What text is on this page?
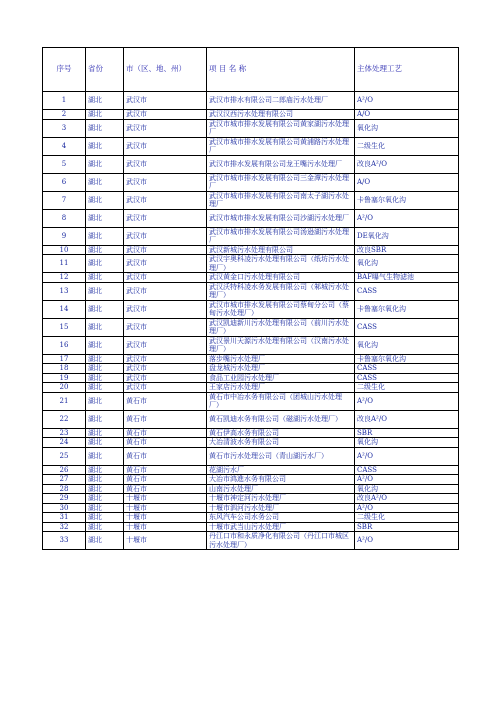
序号	省份	市（区、地、州）	项 目 名 称	主体处理工艺
1	湖北	武汉市	武汉市排水有限公司二郎庙污水处理厂	A²/O
2	湖北	武汉市	武汉汉西污水处理有限公司	A/O
3	湖北	武汉市	武汉市城市排水发展有限公司黄家湖污水处理厂	氧化沟
4	湖北	武汉市	武汉市城市排水发展有限公司黄浦路污水处理厂	二级生化
5	湖北	武汉市	武汉市排水发展有限公司龙王嘴污水处理厂	改良A²/O
6	湖北	武汉市	武汉市城市排水发展有限公司三金潭污水处理厂	A/O
7	湖北	武汉市	武汉市城市排水发展有限公司南太子湖污水处理厂	卡鲁塞尔氧化沟
8	湖北	武汉市	武汉市城市排水发展有限公司沙湖污水处理厂	A²/O
9	湖北	武汉市	武汉市城市排水发展有限公司汤逊湖污水处理厂	DE氧化沟
10	湖北	武汉市	武汉新城污水处理有限公司	改良SBR
11	湖北	武汉市	武汉宇奥科凌污水处理有限公司（纸坊污水处理厂）	氧化沟
12	湖北	武汉市	武汉黄金口污水处理有限公司	BAF曝气生物滤池
13	湖北	武汉市	武汉沃特科凌水务发展有限公司（邾城污水处理厂）	CASS
14	湖北	武汉市	武汉市城市排水发展有限公司蔡甸分公司（蔡甸污水处理厂）	卡鲁塞尔氧化沟
15	湖北	武汉市	武汉凯迪新川污水处理有限公司（前川污水处理厂）	CASS
16	湖北	武汉市	武汉景川天源污水处理有限公司（汉南污水处理厂）	氧化沟
17	湖北	武汉市	落步嘴污水处理厂	卡鲁塞尔氧化沟
18	湖北	武汉市	盘龙城污水处理厂	CASS
19	湖北	武汉市	食品工业园污水处理厂	CASS
20	湖北	武汉市	王家店污水处理厂	二级生化
21	湖北	黄石市	黄石市中冶水务有限公司（团城山污水处理厂）	A²/O
22	湖北	黄石市	黄石凯迪水务有限公司（磁湖污水处理厂）	改良A²/O
23	湖北	黄石市	黄石伊高水务有限公司	SBR
24	湖北	黄石市	大冶清波水务有限公司	氧化沟
25	湖北	黄石市	黄石市污水处理公司（青山湖污水厂）	A²/O
26	湖北	黄石市	花湖污水厂	CASS
27	湖北	黄石市	大冶市鸿進水务有限公司	A²/O
28	湖北	黄石市	山南污水处理厂	氧化沟
29	湖北	十堰市	十堰市神定河污水处理厂	改良A²/O
30	湖北	十堰市	十堰市泗河污水处理厂	A²/O
31	湖北	十堰市	东风汽车公司水务公司	二级生化
32	湖北	十堰市	十堰市武当山污水处理厂	SBR
33	湖北	十堰市	丹江口市和永质净化有限公司（丹江口市城区污水处理厂）	A²/O
